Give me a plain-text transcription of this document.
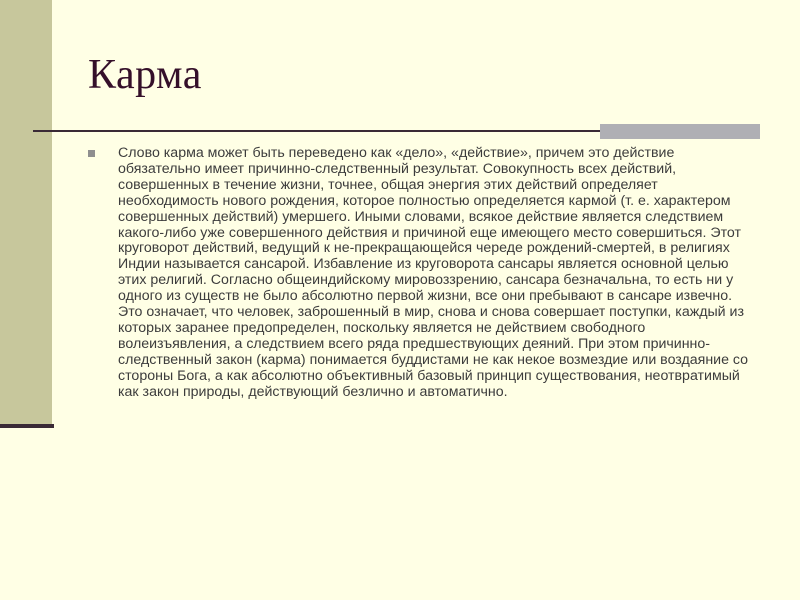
Карма

Слово карма может быть переведено как «дело», «действие», причем это действие обязательно имеет причинно-следственный результат. Совокупность всех действий, совершенных в течение жизни, точнее, общая энергия этих действий определяет необходимость нового рождения, которое полностью определяется кармой (т. е. характером совершенных действий) умершего. Иными словами, всякое действие является следствием какого-либо уже совершенного действия и причиной еще имеющего место совершиться. Этот круговорот действий, ведущий к не-прекращающейся череде рождений-смертей, в религиях Индии называется сансарой. Избавление из круговорота сансары является основной целью этих религий. Согласно общеиндийскому мировоззрению, сансара безначальна, то есть ни у одного из существ не было абсолютно первой жизни, все они пребывают в сансаре извечно. Это означает, что человек, заброшенный в мир, снова и снова совершает поступки, каждый из которых заранее предопределен, поскольку является не действием свободного волеизъявления, а следствием всего ряда предшествующих деяний. При этом причинно-следственный закон (карма) понимается буддистами не как некое возмездие или воздаяние со стороны Бога, а как абсолютно объективный базовый принцип существования, неотвратимый как закон природы, действующий безлично и автоматично.
